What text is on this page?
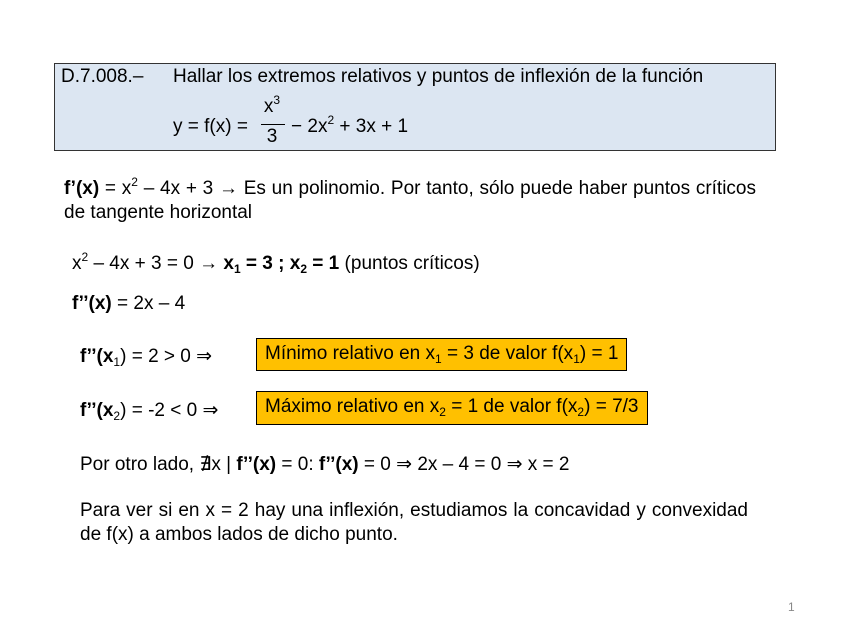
D.7.008.– Hallar los extremos relativos y puntos de inflexión de la función
y = f(x) =
$x^3$
$3 - 2x^2 + 3x + 1$
f’(x) = $x^2 - 4x + 3 \to Es$ un polinomio. Por tanto, sólo puede haber puntos críticos de tangente horizontal
$x^2 - 4x + 3 = 0 \to x_1 = 3$ ; $x_2 = 1$ (puntos críticos)
f’’(x) = 2x – 4
$f’’(x_1) = 2 > 0$ ⇒	Mínimo relativo en $x_1 = 3$ de valor $f(x_1) = 1$
$f’’(x_2) = -2 < 0$ ⇒	Máximo relativo en $x_2 = 1$ de valor $f(x_2) = 7/3$
Por otro lado, ∄x | f’’(x) = 0: f’’(x) = 0 ⇒ 2x – 4 = 0 ⇒ x = 2
Para ver si en x = 2 hay una inflexión, estudiamos la concavidad y convexidad de f(x) a ambos lados de dicho punto.
1
